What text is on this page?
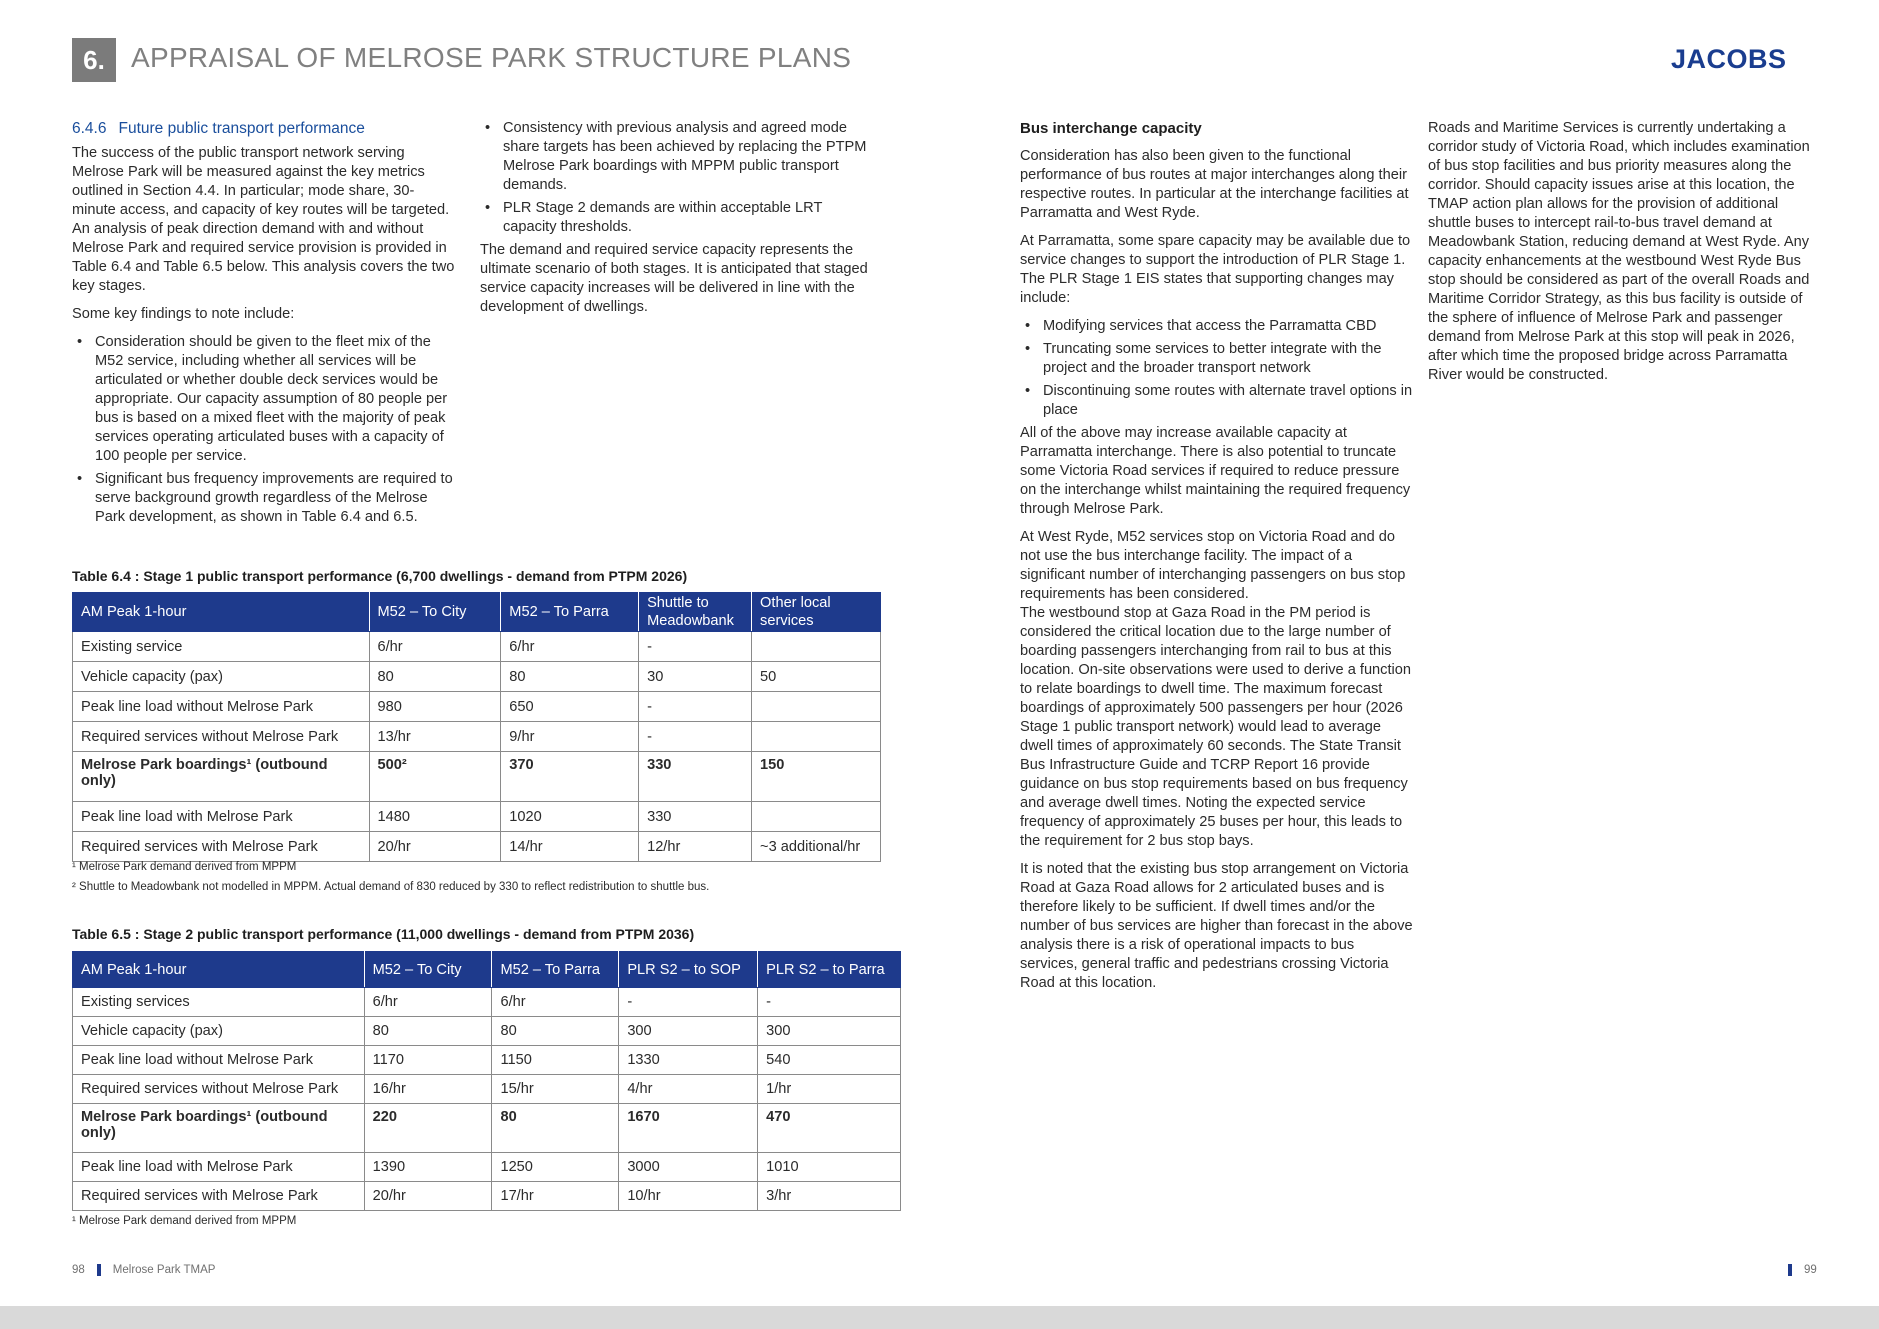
6. APPRAISAL OF MELROSE PARK STRUCTURE PLANS	JACOBS
6.4.6 Future public transport performance

The success of the public transport network serving Melrose Park will be measured against the key metrics outlined in Section 4.4. In particular; mode share, 30-minute access, and capacity of key routes will be targeted. An analysis of peak direction demand with and without Melrose Park and required service provision is provided in Table 6.4 and Table 6.5 below. This analysis covers the two key stages.

Some key findings to note include:

• Consideration should be given to the fleet mix of the M52 service, including whether all services will be articulated or whether double deck services would be appropriate. Our capacity assumption of 80 people per bus is based on a mixed fleet with the majority of peak services operating articulated buses with a capacity of 100 people per service.
• Significant bus frequency improvements are required to serve background growth regardless of the Melrose Park development, as shown in Table 6.4 and 6.5.
• Consistency with previous analysis and agreed mode share targets has been achieved by replacing the PTPM Melrose Park boardings with MPPM public transport demands.
• PLR Stage 2 demands are within acceptable LRT capacity thresholds.

The demand and required service capacity represents the ultimate scenario of both stages. It is anticipated that staged service capacity increases will be delivered in line with the development of dwellings.

Table 6.4 : Stage 1 public transport performance (6,700 dwellings - demand from PTPM 2026)
AM Peak 1-hour	M52 – To City	M52 – To Parra	Shuttle to Meadowbank	Other local services
Existing service	6/hr	6/hr	-	
Vehicle capacity (pax)	80	80	30	50
Peak line load without Melrose Park	980	650	-	
Required services without Melrose Park	13/hr	9/hr	-	
Melrose Park boardings¹ (outbound only)	500²	370	330	150
Peak line load with Melrose Park	1480	1020	330	
Required services with Melrose Park	20/hr	14/hr	12/hr	~3 additional/hr
¹ Melrose Park demand derived from MPPM
² Shuttle to Meadowbank not modelled in MPPM. Actual demand of 830 reduced by 330 to reflect redistribution to shuttle bus.
Table 6.5 : Stage 2 public transport performance (11,000 dwellings - demand from PTPM 2036)
AM Peak 1-hour	M52 – To City	M52 – To Parra	PLR S2 – to SOP	PLR S2 – to Parra
Existing services	6/hr	6/hr	-	-
Vehicle capacity (pax)	80	80	300	300
Peak line load without Melrose Park	1170	1150	1330	540
Required services without Melrose Park	16/hr	15/hr	4/hr	1/hr
Melrose Park boardings¹ (outbound only)	220	80	1670	470
Peak line load with Melrose Park	1390	1250	3000	1010
Required services with Melrose Park	20/hr	17/hr	10/hr	3/hr
¹ Melrose Park demand derived from MPPM
Bus interchange capacity

Consideration has also been given to the functional performance of bus routes at major interchanges along their respective routes. In particular at the interchange facilities at Parramatta and West Ryde.

At Parramatta, some spare capacity may be available due to service changes to support the introduction of PLR Stage 1. The PLR Stage 1 EIS states that supporting changes may include:

• Modifying services that access the Parramatta CBD
• Truncating some services to better integrate with the project and the broader transport network
• Discontinuing some routes with alternate travel options in place

All of the above may increase available capacity at Parramatta interchange. There is also potential to truncate some Victoria Road services if required to reduce pressure on the interchange whilst maintaining the required frequency through Melrose Park.

At West Ryde, M52 services stop on Victoria Road and do not use the bus interchange facility. The impact of a significant number of interchanging passengers on bus stop requirements has been considered.

The westbound stop at Gaza Road in the PM period is considered the critical location due to the large number of boarding passengers interchanging from rail to bus at this location. On-site observations were used to derive a function to relate boardings to dwell time. The maximum forecast boardings of approximately 500 passengers per hour (2026 Stage 1 public transport network) would lead to average dwell times of approximately 60 seconds. The State Transit Bus Infrastructure Guide and TCRP Report 16 provide guidance on bus stop requirements based on bus frequency and average dwell times. Noting the expected service frequency of approximately 25 buses per hour, this leads to the requirement for 2 bus stop bays.

It is noted that the existing bus stop arrangement on Victoria Road at Gaza Road allows for 2 articulated buses and is therefore likely to be sufficient. If dwell times and/or the number of bus services are higher than forecast in the above analysis there is a risk of operational impacts to bus services, general traffic and pedestrians crossing Victoria Road at this location.

Roads and Maritime Services is currently undertaking a corridor study of Victoria Road, which includes examination of bus stop facilities and bus priority measures along the corridor. Should capacity issues arise at this location, the TMAP action plan allows for the provision of additional shuttle buses to intercept rail-to-bus travel demand at Meadowbank Station, reducing demand at West Ryde. Any capacity enhancements at the westbound West Ryde Bus stop should be considered as part of the overall Roads and Maritime Corridor Strategy, as this bus facility is outside of the sphere of influence of Melrose Park and passenger demand from Melrose Park at this stop will peak in 2026, after which time the proposed bridge across Parramatta River would be constructed.

98 Melrose Park TMAP	99
